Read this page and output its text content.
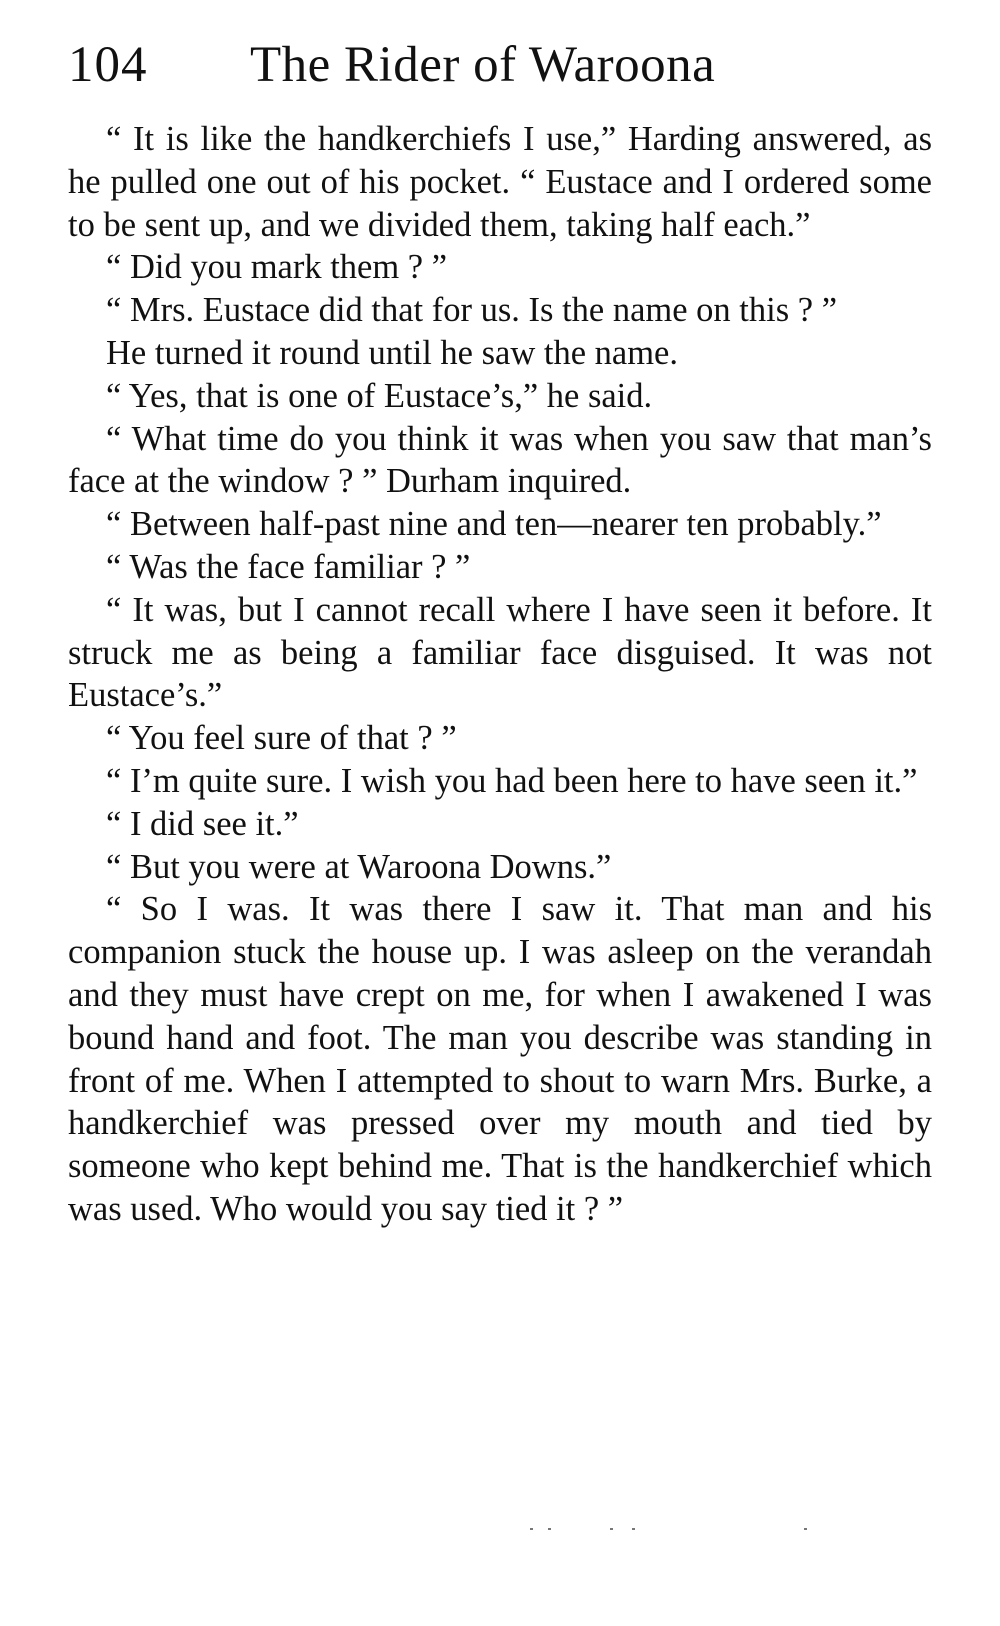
104 The Rider of Waroona

“ It is like the handkerchiefs I use,” Harding answered, as he pulled one out of his pocket. “ Eustace and I ordered some to be sent up, and we divided them, taking half each.”

“ Did you mark them ? ”

“ Mrs. Eustace did that for us. Is the name on this ? ”

He turned it round until he saw the name.

“ Yes, that is one of Eustace’s,” he said.

“ What time do you think it was when you saw that man’s face at the window ? ” Durham inquired.

“ Between half-past nine and ten—nearer ten probably.”

“ Was the face familiar ? ”

“ It was, but I cannot recall where I have seen it before. It struck me as being a familiar face disguised. It was not Eustace’s.”

“ You feel sure of that ? ”

“ I’m quite sure. I wish you had been here to have seen it.”

“ I did see it.”

“ But you were at Waroona Downs.”

“ So I was. It was there I saw it. That man and his companion stuck the house up. I was asleep on the verandah and they must have crept on me, for when I awakened I was bound hand and foot. The man you describe was standing in front of me. When I attempted to shout to warn Mrs. Burke, a handkerchief was pressed over my mouth and tied by someone who kept behind me. That is the handkerchief which was used. Who would you say tied it ? ”
